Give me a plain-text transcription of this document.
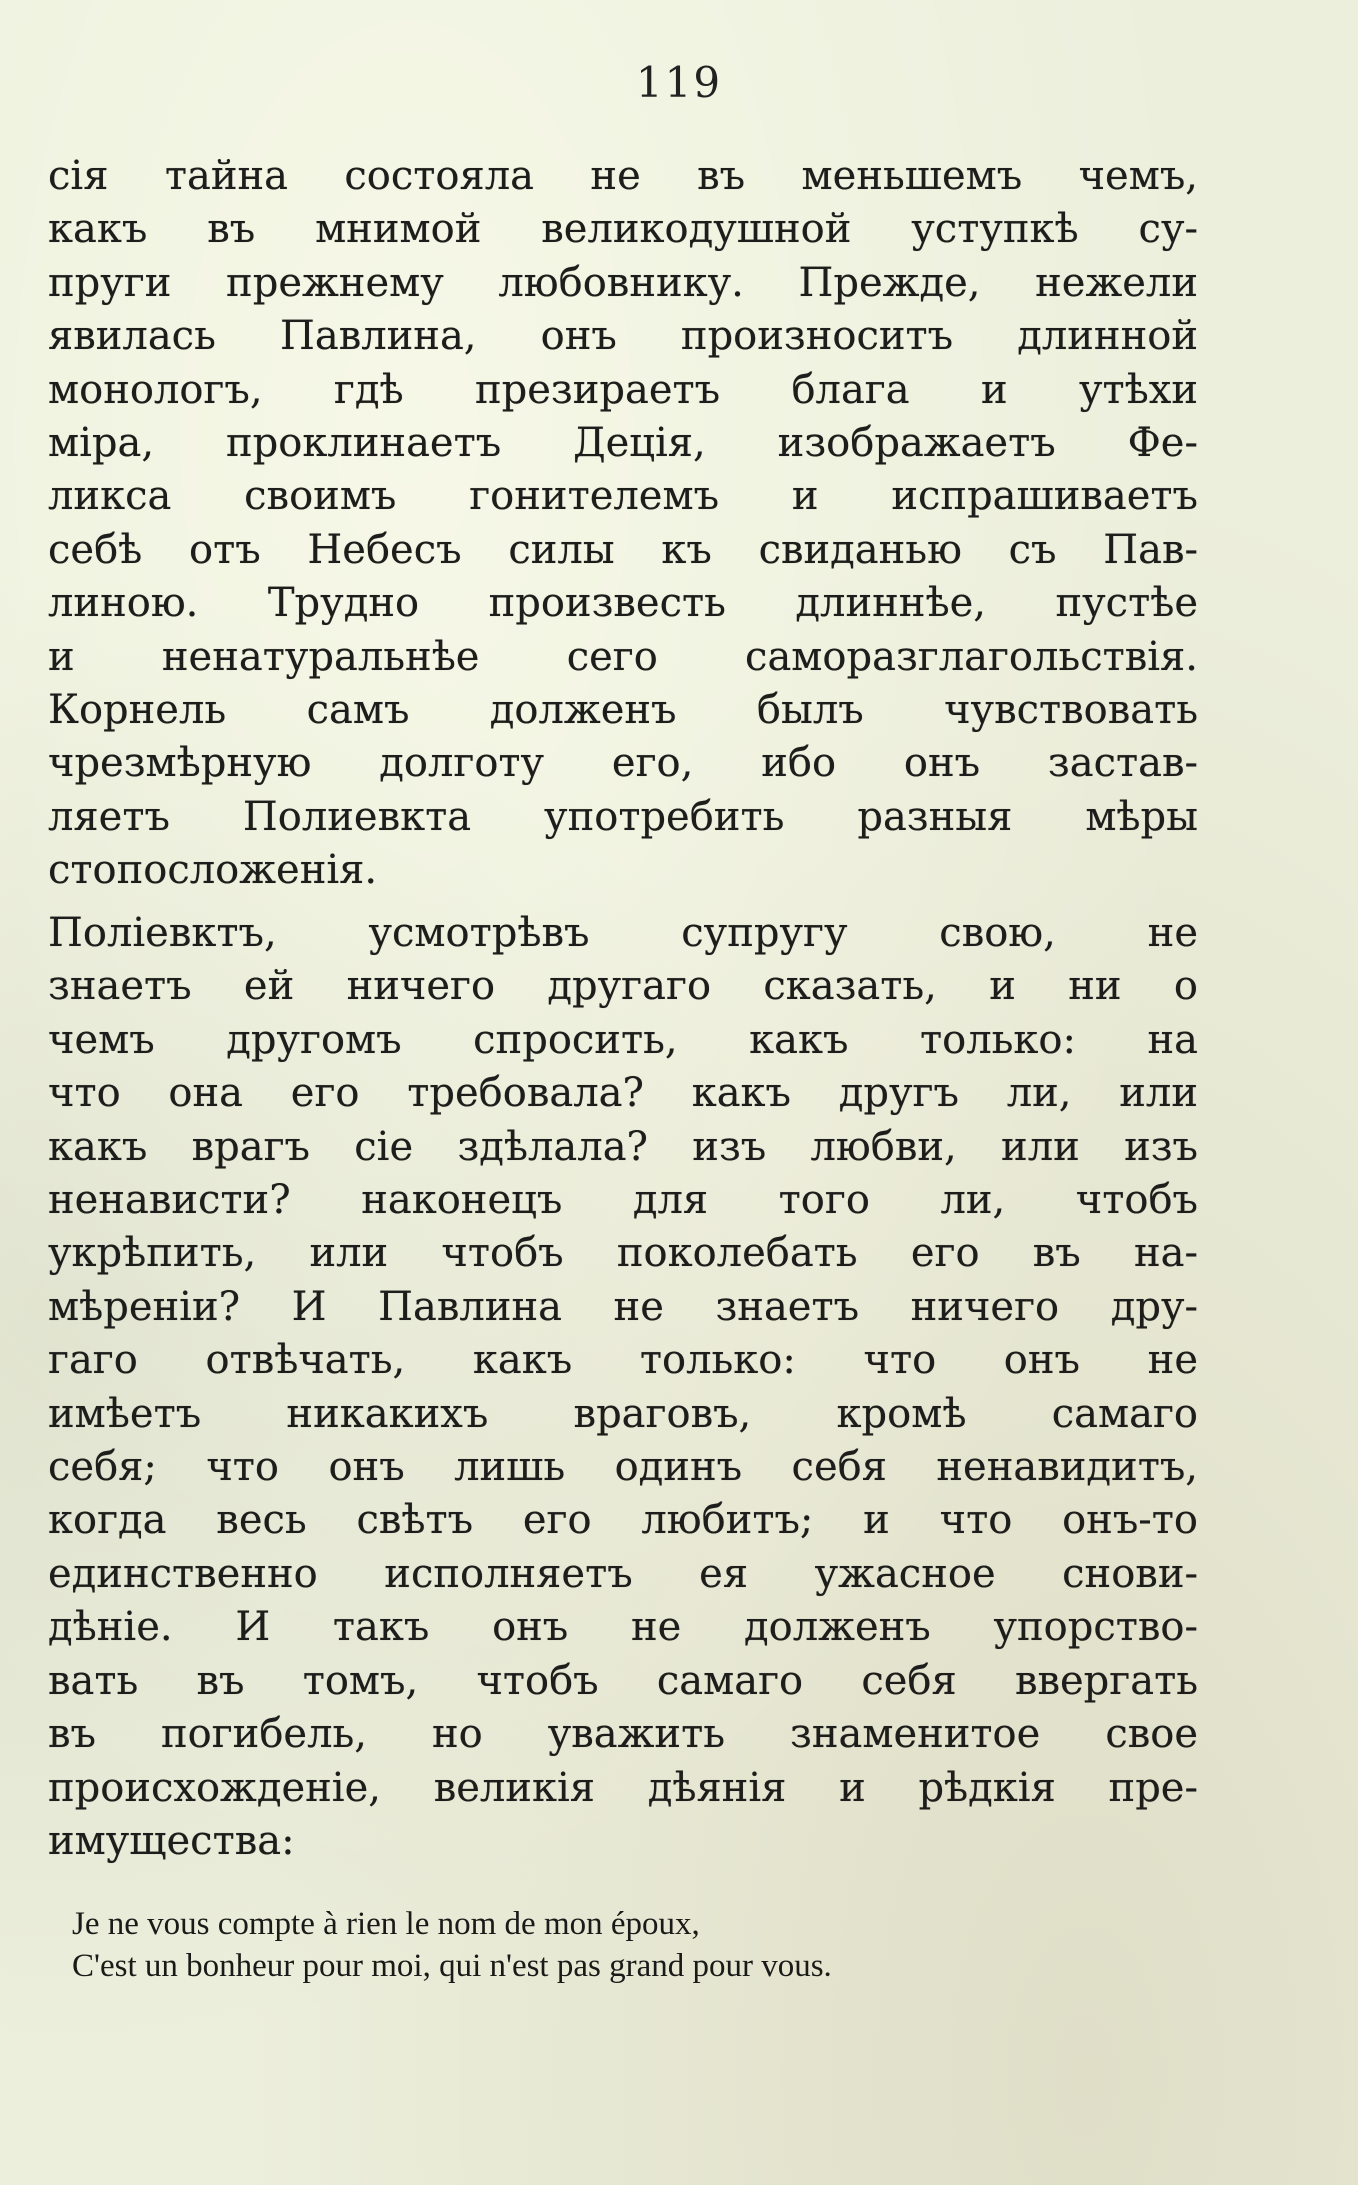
119
сія тайна состояла не въ меньшемъ чемъ,
какъ въ мнимой великодушной уступкѣ су-
пруги прежнему любовнику. Прежде, нежели
явилась Павлина, онъ произноситъ длинной
монологъ, гдѣ презираетъ блага и утѣхи
міра, проклинаетъ Деція, изображаетъ Фе-
ликса своимъ гонителемъ и испрашиваетъ
себѣ отъ Небесъ силы къ свиданью съ Пав-
линою. Трудно произвесть длиннѣе, пустѣе
и ненатуральнѣе сего саморазглагольствія.
Корнель самъ долженъ былъ чувствовать
чрезмѣрную долготу его, ибо онъ застав-
ляетъ Полиевкта употребить разныя мѣры
стопосложенія.
Поліевктъ, усмотрѣвъ супругу свою, не
знаетъ ей ничего другаго сказать, и ни о
чемъ другомъ спросить, какъ только: на
что она его требовала? какъ другъ ли, или
какъ врагъ сіе здѣлала? изъ любви, или изъ
ненависти? наконецъ для того ли, чтобъ
укрѣпить, или чтобъ поколебать его въ на-
мѣреніи? И Павлина не знаетъ ничего дру-
гаго отвѣчать, какъ только: что онъ не
имѣетъ никакихъ враговъ, кромѣ самаго
себя; что онъ лишь одинъ себя ненавидитъ,
когда весь свѣтъ его любитъ; и что онъ-то
единственно исполняетъ ея ужасное снови-
дѣніе. И такъ онъ не долженъ упорство-
вать въ томъ, чтобъ самаго себя ввергать
въ погибель, но уважить знаменитое свое
происхожденіе, великія дѣянія и рѣдкія пре-
имущества:
Je ne vous compte à rien le nom de mon époux,
C'est un bonheur pour moi, qui n'est pas grand pour vous.
